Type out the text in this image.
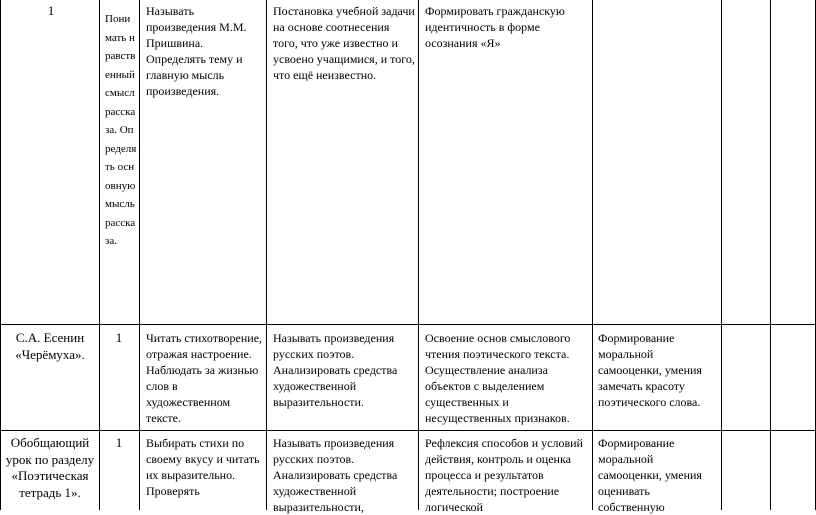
1
Понимать нравственный смысл рассказа. Определять основную мысль рассказа.
Называть произведения М.М. Пришвина. Определять тему и главную мысль произведения.
Постановка учебной задачи на основе соотнесения того, что уже известно и усвоено учащимися, и того, что ещё неизвестно.
Формировать гражданскую идентичность в форме осознания «Я»
С.А. Есенин «Черёмуха».
1	Читать стихотворение, отражая настроение. Наблюдать за жизнью слов в художественном тексте.
Называть произведения русских поэтов. Анализировать средства художественной выразительности.
Освоение основ смыслового чтения поэтического текста. Осуществление анализа объектов с выделением существенных и несущественных признаков.
Формирование моральной самооценки, умения замечать красоту поэтического слова.
Обобщающий урок по разделу «Поэтическая тетрадь 1».
1	Выбирать стихи по своему вкусу и читать их выразительно. Проверять
Называть произведения русских поэтов. Анализировать средства художественной выразительности,
Рефлексия способов и условий действия, контроль и оценка процесса и результатов деятельности; построение логической
Формирование моральной самооценки, умения оценивать собственную
